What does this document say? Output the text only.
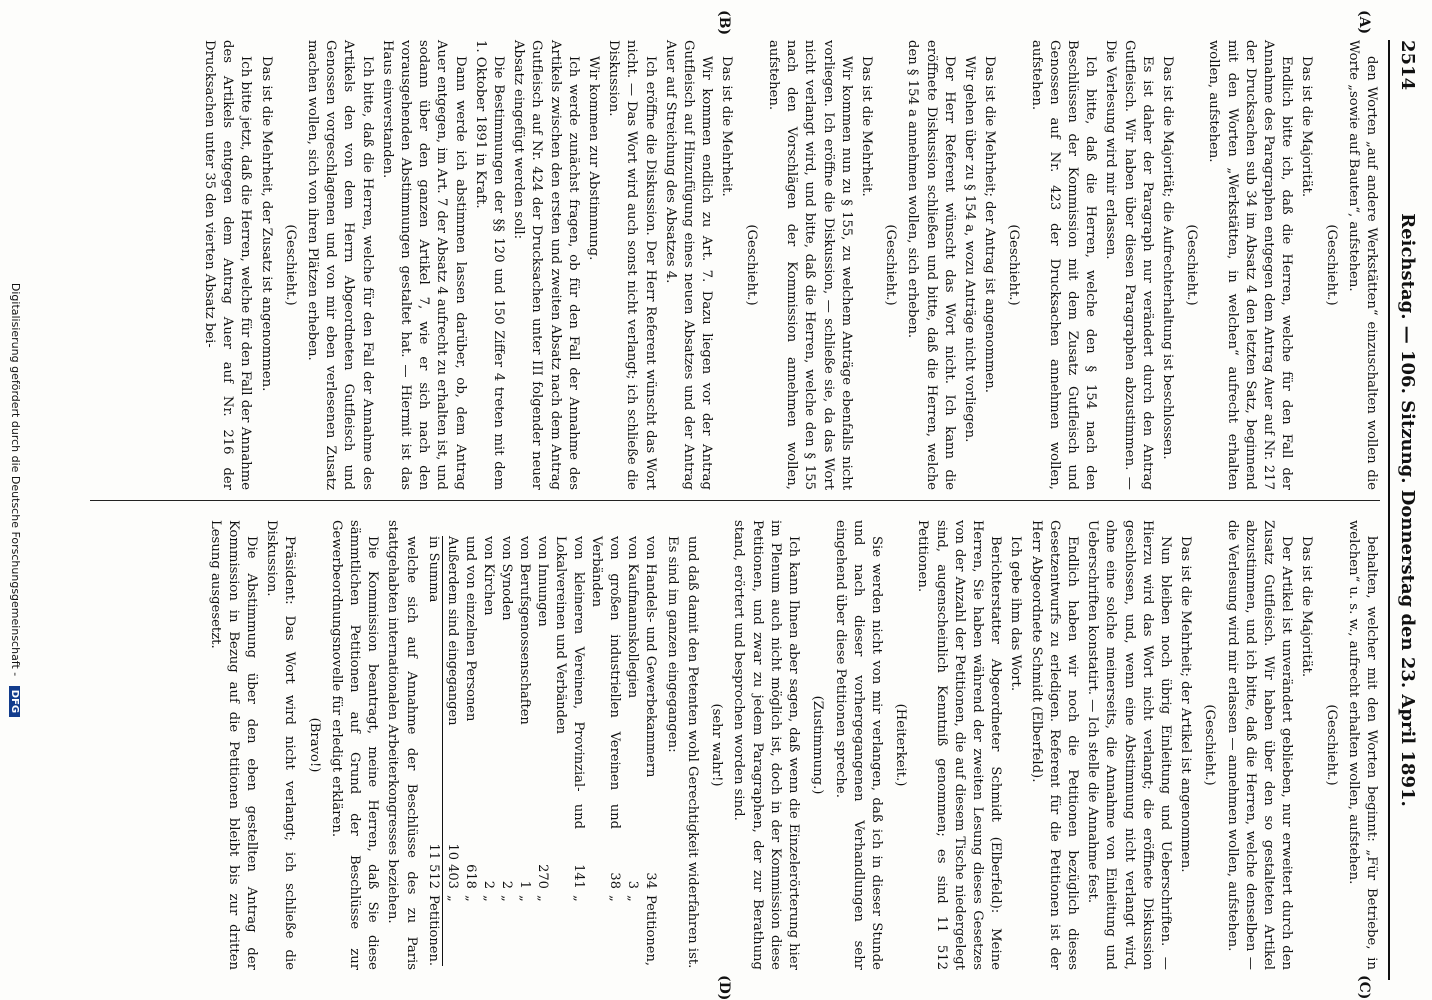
2514
Reichstag. — 106. Sitzung. Donnerstag den 23. April 1891.
(A)
(B)
(C)
(D)

den Worten „auf andere Werkstätten“ einzuschalten wollen die Worte „sowie auf Bauten“, aufstehen.

(Geschieht.)

Das ist die Majorität.

Endlich bitte ich, daß die Herren, welche für den Fall der Annahme des Paragraphen entgegen dem Antrag Auer auf Nr. 217 der Drucksachen sub 34 im Absatz 4 den letzten Satz, beginnend mit den Worten „Werkstätten, in welchen“ aufrecht erhalten wollen, aufstehen.

(Geschieht.)

Das ist die Majorität; die Aufrechterhaltung ist beschlossen.

Es ist daher der Paragraph nur verändert durch den Antrag Gutfleisch. Wir haben über diesen Paragraphen abzustimmen. — Die Verlesung wird mir erlassen.

Ich bitte, daß die Herren, welche den § 154 nach den Beschlüssen der Kommission mit dem Zusatz Gutfleisch und Genossen auf Nr. 423 der Drucksachen annehmen wollen, aufstehen.

(Geschieht.)

Das ist die Mehrheit; der Antrag ist angenommen.

Wir gehen über zu § 154 a, wozu Anträge nicht vorliegen.

Der Herr Referent wünscht das Wort nicht. Ich kann die eröffnete Diskussion schließen und bitte, daß die Herren, welche den § 154 a annehmen wollen, sich erheben.

(Geschieht.)

Das ist die Mehrheit.

Wir kommen nun zu § 155, zu welchem Anträge ebenfalls nicht vorliegen. Ich eröffne die Diskussion, — schließe sie, da das Wort nicht verlangt wird, und bitte, daß die Herren, welche den § 155 nach den Vorschlägen der Kommission annehmen wollen, aufstehen.

(Geschieht.)

Das ist die Mehrheit.

Wir kommen endlich zu Art. 7. Dazu liegen vor der Antrag Gutfleisch auf Hinzufügung eines neuen Absatzes und der Antrag Auer auf Streichung des Absatzes 4.

Ich eröffne die Diskussion. Der Herr Referent wünscht das Wort nicht. — Das Wort wird auch sonst nicht verlangt; ich schließe die Diskussion.

Wir kommen zur Abstimmung.

Ich werde zunächst fragen, ob für den Fall der Annahme des Artikels zwischen den ersten und zweiten Absatz nach dem Antrag Gutfleisch auf Nr. 424 der Drucksachen unter III folgender neuer Absatz eingefügt werden soll:

Die Bestimmungen der §§ 120 und 150 Ziffer 4 treten mit dem 1. Oktober 1891 in Kraft.

Dann werde ich abstimmen lassen darüber, ob, dem Antrag Auer entgegen, im Art. 7 der Absatz 4 aufrecht zu erhalten ist, und sodann über den ganzen Artikel 7, wie er sich nach den vorausgehenden Abstimmungen gestaltet hat. — Hiermit ist das Haus einverstanden.

Ich bitte, daß die Herren, welche für den Fall der Annahme des Artikels den von dem Herrn Abgeordneten Gutfleisch und Genossen vorgeschlagenen und von mir eben verlesenen Zusatz machen wollen, sich von ihren Plätzen erheben.

(Geschieht.)

Das ist die Mehrheit, der Zusatz ist angenommen.

Ich bitte jetzt, daß die Herren, welche für den Fall der Annahme des Artikels entgegen dem Antrag Auer auf Nr. 216 der Drucksachen unter 35 den vierten Absatz bei-

behalten, welcher mit den Worten beginnt: „Für Betriebe, in welchen“ u. s. w., aufrecht erhalten wollen, aufstehen.

(Geschieht.)

Das ist die Majorität.

Der Artikel ist unverändert geblieben, nur erweitert durch den Zusatz Gutfleisch. Wir haben über den so gestalteten Artikel abzustimmen, und ich bitte, daß die Herren, welche denselben — die Verlesung wird mir erlassen — annehmen wollen, aufstehen.

(Geschieht.)

Das ist die Mehrheit; der Artikel ist angenommen.

Nun bleiben noch übrig Einleitung und Ueberschriften. — Hierzu wird das Wort nicht verlangt; die eröffnete Diskussion geschlossen, und, wenn eine Abstimmung nicht verlangt wird, ohne eine solche meinerseits, die Annahme von Einleitung und Ueberschriften konstatirt. — Ich stelle die Annahme fest.

Endlich haben wir noch die Petitionen bezüglich dieses Gesetzentwurfs zu erledigen. Referent für die Petitionen ist der Herr Abgeordnete Schmidt (Elberfeld).

Ich gebe ihm das Wort.

Berichterstatter Abgeordneter Schmidt (Elberfeld): Meine Herren, Sie haben während der zweiten Lesung dieses Gesetzes von der Anzahl der Petitionen, die auf diesem Tische niedergelegt sind, augenscheinlich Kenntniß genommen; es sind 11 512 Petitionen.

(Heiterkeit.)

Sie werden nicht von mir verlangen, daß ich in dieser Stunde und nach dieser vorhergegangenen Verhandlungen sehr eingehend über diese Petitionen spreche.

(Zustimmung.)

Ich kann Ihnen aber sagen, daß wenn die Einzelerörterung hier im Plenum auch nicht möglich ist, doch in der Kommission diese Petitionen, und zwar zu jedem Paragraphen, der zur Berathung stand, erörtert und besprochen worden sind.

(sehr wahr!)

und daß damit den Petenten wohl Gerechtigkeit widerfahren ist.

Es sind im ganzen eingegangen:

von Handels- und Gewerbekammern	34	Petitionen,
von Kaufmannskollegien	3	„
von großen industriellen Vereinen und Verbänden	38	„
von kleineren Vereinen, Provinzial- und Lokalvereinen und Verbänden	141	„
von Innungen	270	„
von Berufsgenossenschaften	1	„
von Synoden	2	„
von Kirchen	2	„
und von einzelnen Personen	618	„
Außerdem sind eingegangen	10 403	„
in Summa	11 512	Petitionen.

welche sich auf Annahme der Beschlüsse des zu Paris stattgehabten internationalen Arbeiterkongresses beziehen.

Die Kommission beantragt, meine Herren, daß Sie diese sämmtlichen Petitionen auf Grund der Beschlüsse zur Gewerbeordnungsnovelle für erledigt erklären.

(Bravo!)

Präsident: Das Wort wird nicht verlangt; ich schließe die Diskussion.

Die Abstimmung über den eben gestellten Antrag der Kommission in Bezug auf die Petitionen bleibt bis zur dritten Lesung ausgesetzt.

Digitalisierung gefördert durch die Deutsche Forschungsgemeinschaft - DFG
